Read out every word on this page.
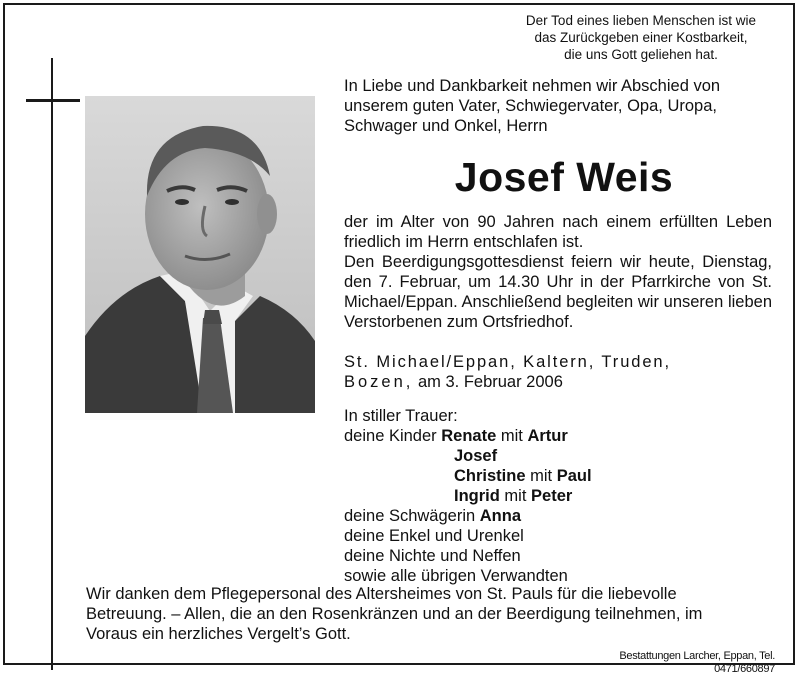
Der Tod eines lieben Menschen ist wie
das Zurückgeben einer Kostbarkeit,
die uns Gott geliehen hat.
In Liebe und Dankbarkeit nehmen wir Abschied von
unserem guten Vater, Schwiegervater, Opa, Uropa,
Schwager und Onkel, Herrn
Josef Weis

der im Alter von 90 Jahren nach einem erfüllten Leben friedlich im Herrn entschlafen ist.

Den Beerdigungsgottesdienst feiern wir heute, Dienstag, den 7. Februar, um 14.30 Uhr in der Pfarrkirche von St. Michael/Eppan. Anschließend begleiten wir unseren lieben Verstorbenen zum Ortsfriedhof.

St. Michael/Eppan, Kaltern, Truden,
Bozen, am 3. Februar 2006
In stiller Trauer:
deine Kinder Renate mit Artur
Josef
Christine mit Paul
Ingrid mit Peter
deine Schwägerin Anna
deine Enkel und Urenkel
deine Nichte und Neffen
sowie alle übrigen Verwandten

Wir danken dem Pflegepersonal des Altersheimes von St. Pauls für die liebevolle

Betreuung. – Allen, die an den Rosenkränzen und an der Beerdigung teilnehmen, im

Voraus ein herzliches Vergelt’s Gott.

Bestattungen Larcher, Eppan, Tel. 0471/660897
